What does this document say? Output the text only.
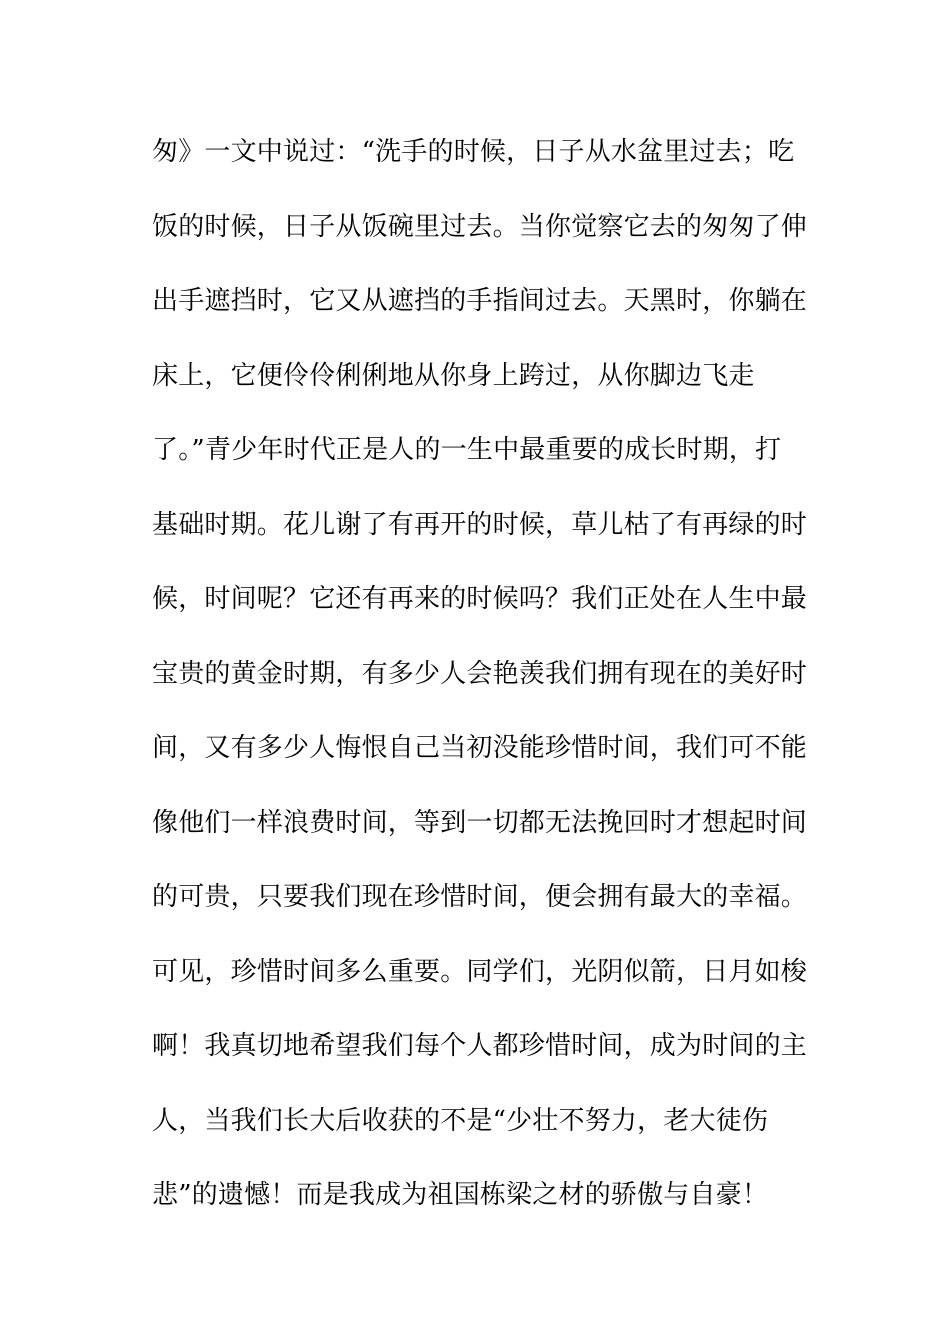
匆》一文中说过：“洗手的时候，日子从水盆里过去；吃
饭的时候，日子从饭碗里过去。当你觉察它去的匆匆了伸
出手遮挡时，它又从遮挡的手指间过去。天黑时，你躺在
床上，它便伶伶俐俐地从你身上跨过，从你脚边飞走
了。”青少年时代正是人的一生中最重要的成长时期，打
基础时期。花儿谢了有再开的时候，草儿枯了有再绿的时
候，时间呢？它还有再来的时候吗？我们正处在人生中最
宝贵的黄金时期，有多少人会艳羡我们拥有现在的美好时
间，又有多少人悔恨自己当初没能珍惜时间，我们可不能
像他们一样浪费时间，等到一切都无法挽回时才想起时间
的可贵，只要我们现在珍惜时间，便会拥有最大的幸福。
可见，珍惜时间多么重要。同学们，光阴似箭，日月如梭
啊！我真切地希望我们每个人都珍惜时间，成为时间的主
人，当我们长大后收获的不是“少壮不努力，老大徒伤
悲”的遗憾！而是我成为祖国栋梁之材的骄傲与自豪！
